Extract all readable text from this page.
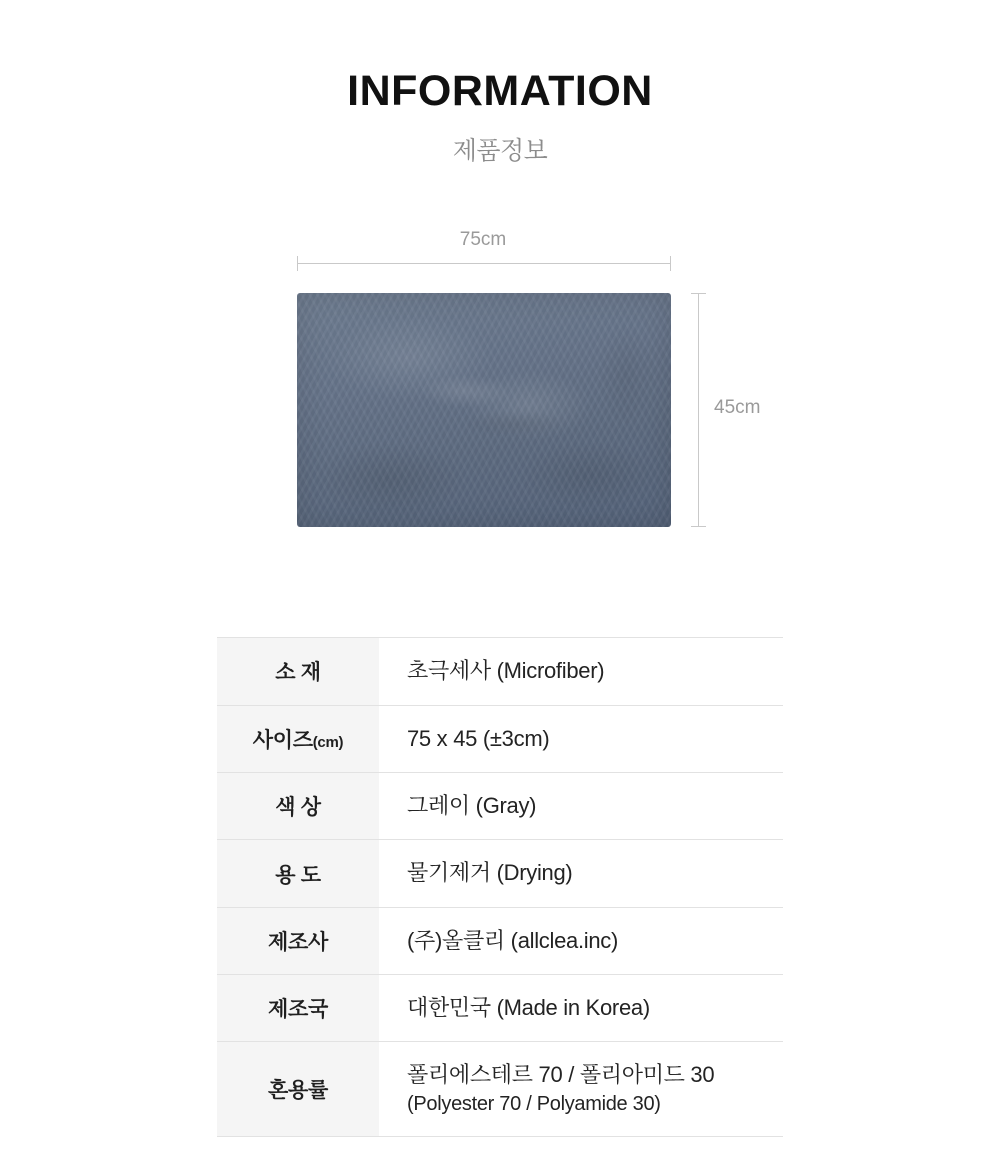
INFORMATION
제품정보
75cm
45cm
소 재	초극세사 (Microfiber)
사이즈(cm)	75 x 45 (±3cm)
색 상	그레이 (Gray)
용 도	물기제거 (Drying)
제조사	(주)올클리 (allclea.inc)
제조국	대한민국 (Made in Korea)
혼용률	폴리에스테르 70 / 폴리아미드 30
(Polyester 70 / Polyamide 30)
